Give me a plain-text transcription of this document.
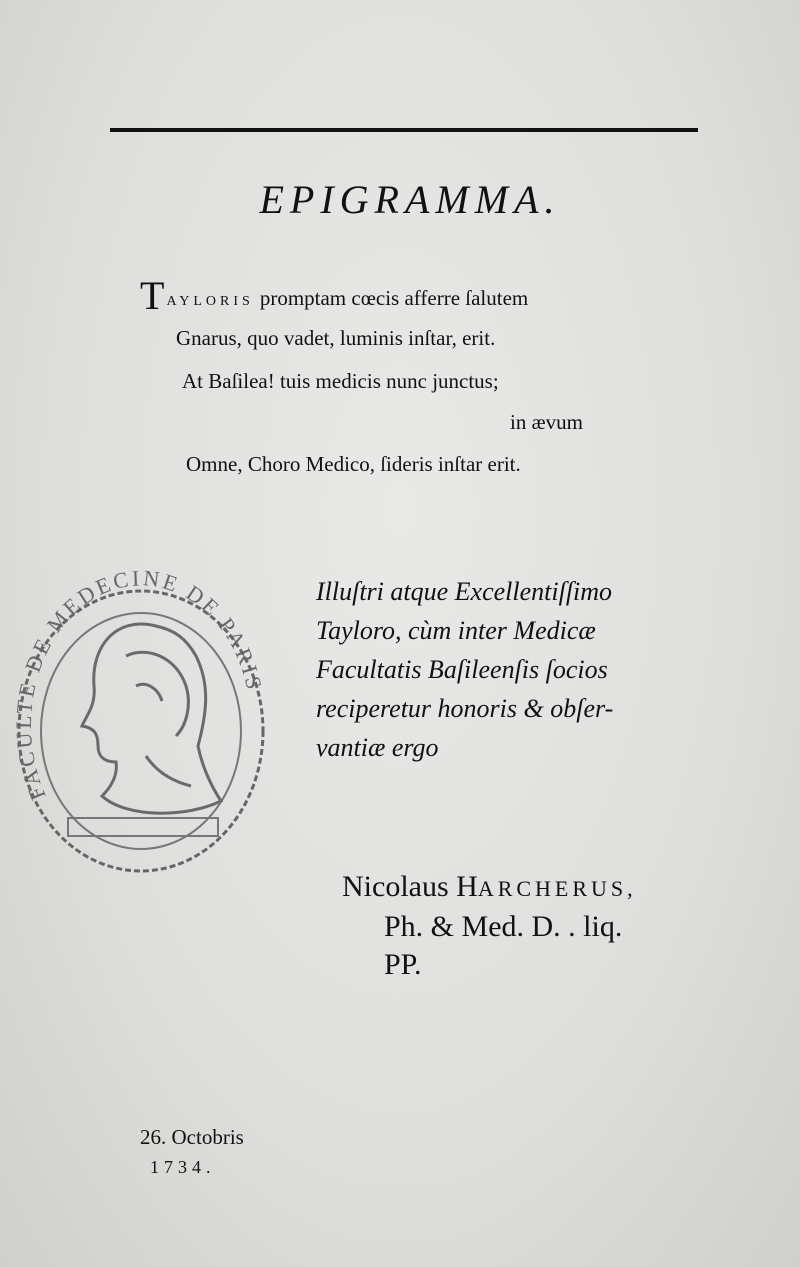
EPIGRAMMA.
TAYLORIS promptam cœcis afferre ſalutem
Gnarus, quo vadet, luminis inſtar, erit.
At Baſilea! tuis medicis nunc junctus;
in ævum
Omne, Choro Medico, ſideris inſtar erit.
FACULTE DE MEDECINE DE PARIS
Illuſtri atque Excellentiſſimo
Tayloro, cùm inter Medicæ
Facultatis Baſileenſis ſocios
reciperetur honoris & obſer-
vantiæ ergo
Nicolaus HARCHERUS,
Ph. & Med. D. . liq.
PP.
26. Octobris
1734.
